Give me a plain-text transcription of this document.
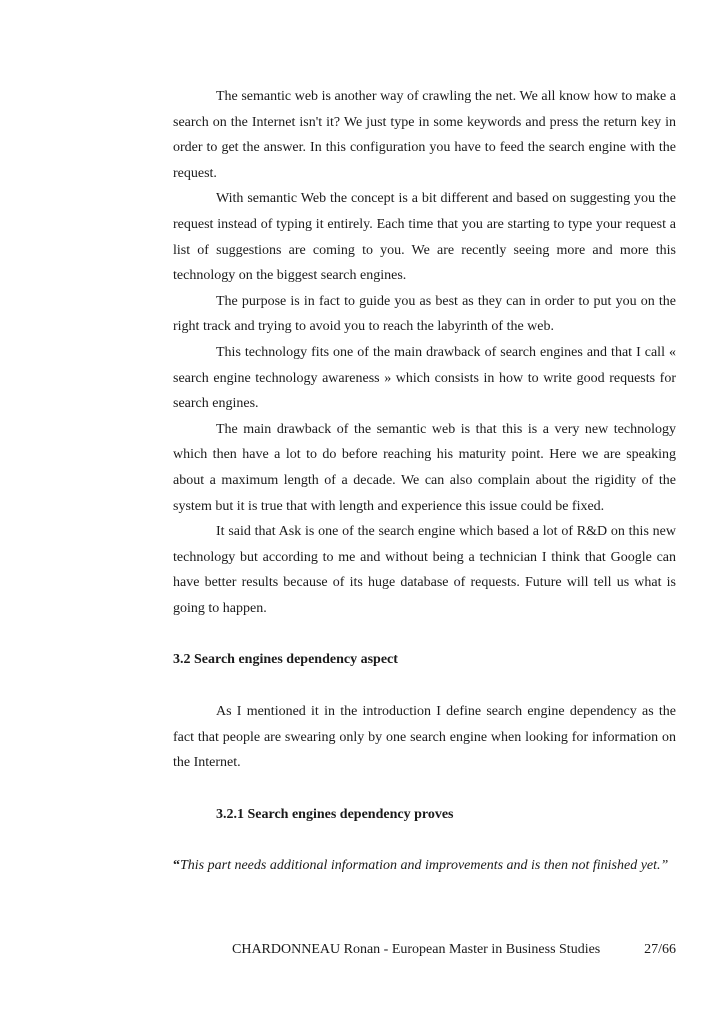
The semantic web is another way of crawling the net. We all know how to make a search on the Internet isn't it? We just type in some keywords and press the return key in order to get the answer. In this configuration you have to feed the search engine with the request.

With semantic Web the concept is a bit different and based on suggesting you the request instead of typing it entirely. Each time that you are starting to type your request a list of suggestions are coming to you. We are recently seeing more and more this technology on the biggest search engines.

The purpose is in fact to guide you as best as they can in order to put you on the right track and trying to avoid you to reach the labyrinth of the web.

This technology fits one of the main drawback of search engines and that I call « search engine technology awareness » which consists in how to write good requests for search engines.

The main drawback of the semantic web is that this is a very new technology which then have a lot to do before reaching his maturity point. Here we are speaking about a maximum length of a decade. We can also complain about the rigidity of the system but it is true that with length and experience this issue could be fixed.

It said that Ask is one of the search engine which based a lot of R&D on this new technology but according to me and without being a technician I think that Google can have better results because of its huge database of requests. Future will tell us what is going to happen.

3.2 Search engines dependency aspect

As I mentioned it in the introduction I define search engine dependency as the fact that people are swearing only by one search engine when looking for information on the Internet.

3.2.1 Search engines dependency proves

“This part needs additional information and improvements and is then not finished yet.”

CHARDONNEAU Ronan - European Master in Business Studies	27/66
